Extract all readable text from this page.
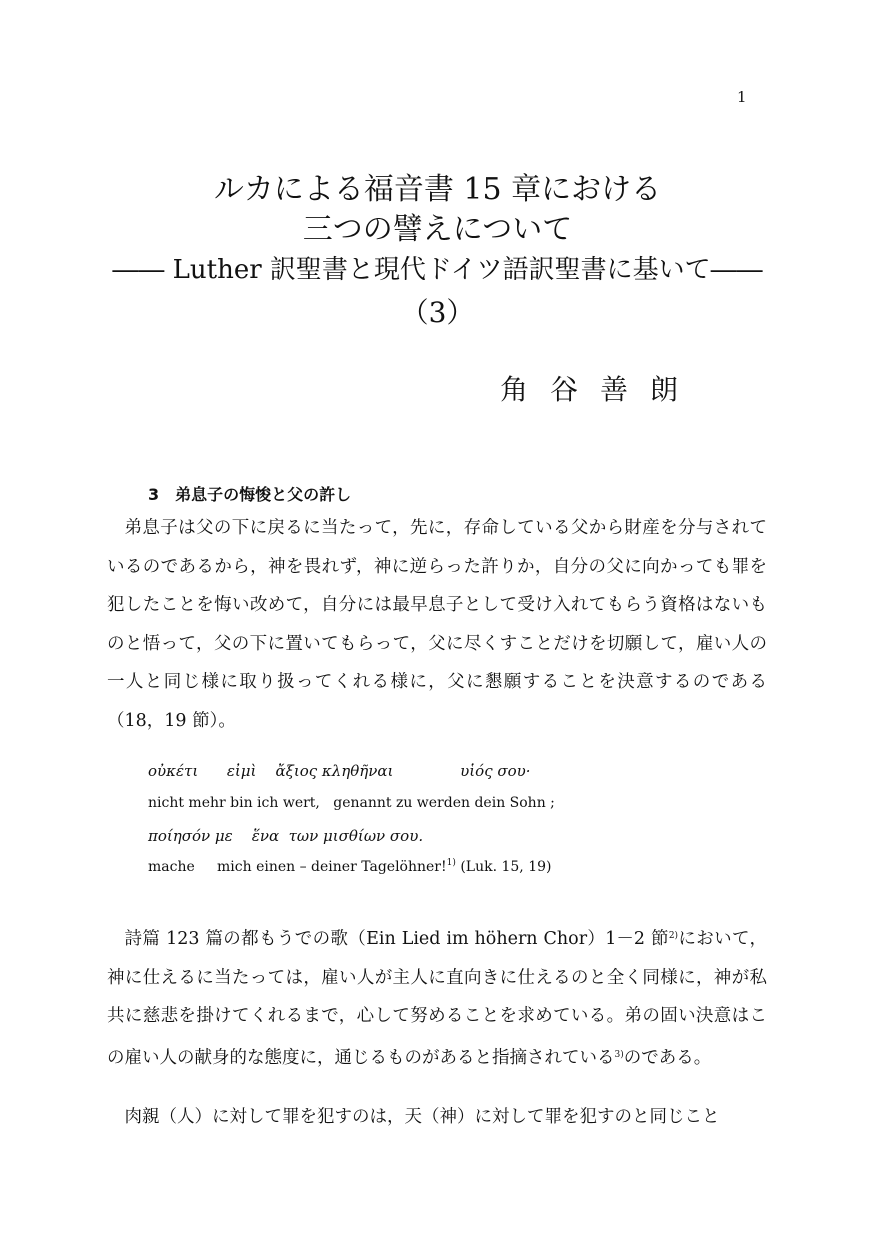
1
ルカによる福音書 15 章における
三つの譬えについて
―― Luther 訳聖書と現代ドイツ語訳聖書に基いて――
（3）
角谷善朗
3　弟息子の悔悛と父の許し
弟息子は父の下に戻るに当たって，先に，存命している父から財産を分与されているのであるから，神を畏れず，神に逆らった許りか，自分の父に向かっても罪を犯したことを悔い改めて，自分には最早息子として受け入れてもらう資格はないものと悟って，父の下に置いてもらって，父に尽くすことだけを切願して，雇い人の一人と同じ様に取り扱ってくれる様に，父に懇願することを決意するのである（18，19 節）。
οὐκέτι      εἰμὶ    ἄξιος κληθῆναι              υἱός σου·
nicht mehr bin ich wert,   genannt zu werden dein Sohn ;
ποίησόν με    ἕνα  των μισθίων σου.
mache     mich einen – deiner Tagelöhner!$^{1)}$ (Luk. 15, 19)
詩篇 123 篇の都もうでの歌（Ein Lied im höhern Chor）1－2 節$^{2)}$において，神に仕えるに当たっては，雇い人が主人に直向きに仕えるのと全く同様に，神が私共に慈悲を掛けてくれるまで，心して努めることを求めている。弟の固い決意はこの雇い人の献身的な態度に，通じるものがあると指摘されている$^{3)}$のである。
肉親（人）に対して罪を犯すのは，天（神）に対して罪を犯すのと同じこと
